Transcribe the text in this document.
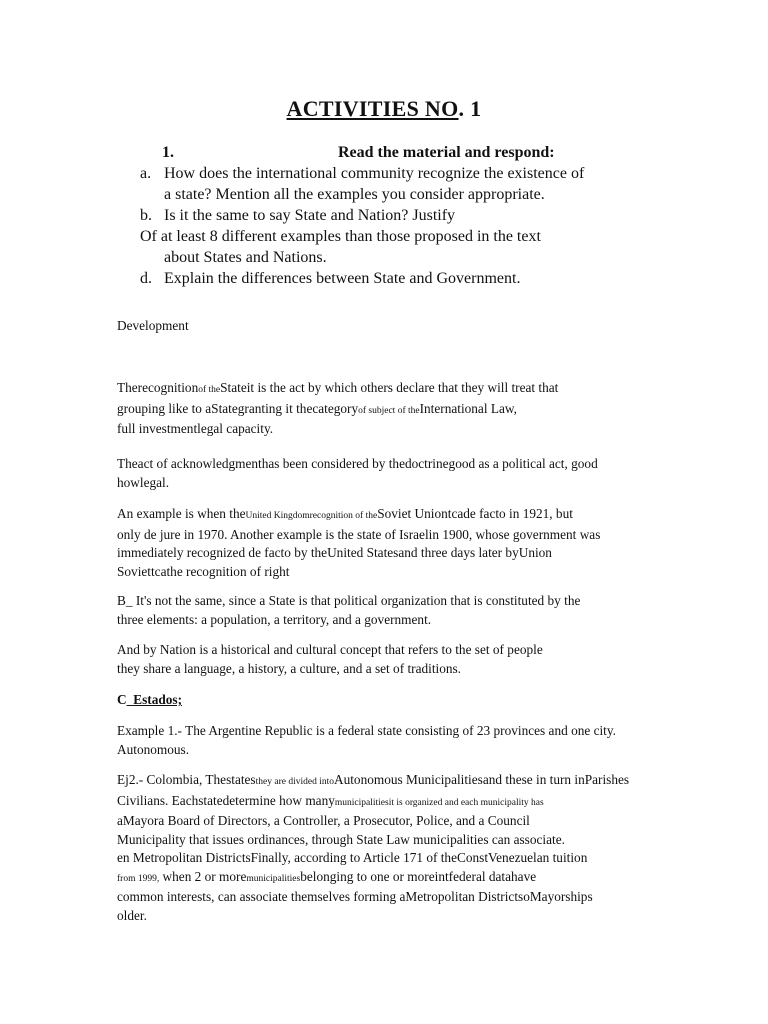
ACTIVITIES NO. 1
1.	Read the material and respond:
a. How does the international community recognize the existence of
a state? Mention all the examples you consider appropriate.
b. Is it the same to say State and Nation? Justify
Of at least 8 different examples than those proposed in the text
about States and Nations.
d. Explain the differences between State and Government.
Development
Therecognitionof theStateit is the act by which others declare that they will treat that
grouping like to aStategranting it thecategoryof subject of theInternational Law,
full investmentlegal capacity.
Theact of acknowledgmenthas been considered by thedoctrinegood as a political act, good
howlegal.
An example is when theUnited Kingdomrecognition of theSoviet Uniontcade facto in 1921, but
only de jure in 1970. Another example is the state of Israelin 1900, whose government was
immediately recognized de facto by theUnited Statesand three days later byUnion
Soviettcathe recognition of right
B_ It's not the same, since a State is that political organization that is constituted by the
three elements: a population, a territory, and a government.
And by Nation is a historical and cultural concept that refers to the set of people
they share a language, a history, a culture, and a set of traditions.
C_Estados;
Example 1.- The Argentine Republic is a federal state consisting of 23 provinces and one city.
Autonomous.
Ej2.- Colombia, Thestatesthey are divided intoAutonomous Municipalitiesand these in turn inParishes
Civilians. Eachstatedetermine how manymunicipalitiesit is organized and each municipality has
aMayora Board of Directors, a Controller, a Prosecutor, Police, and a Council
Municipality that issues ordinances, through State Law municipalities can associate.
en Metropolitan DistrictsFinally, according to Article 171 of theConstVenezuelan tuition
from 1999, when 2 or moremunicipalitiesbelonging to one or moreintfederal datahave
common interests, can associate themselves forming aMetropolitan DistrictsoMayorships
older.
